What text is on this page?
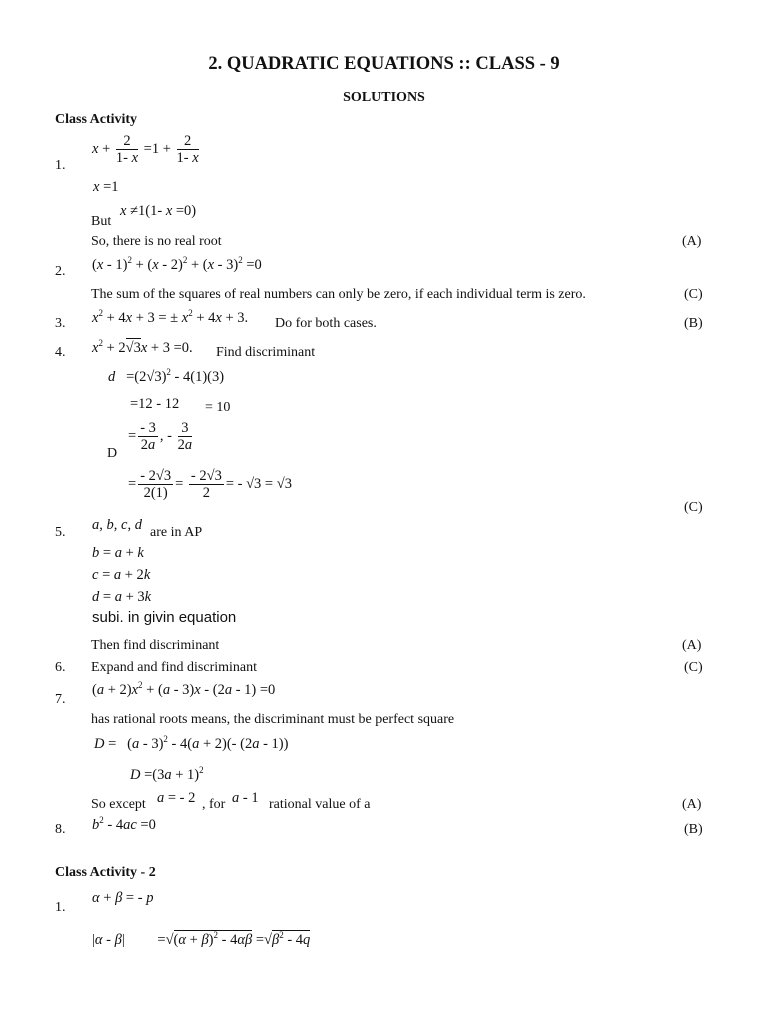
2. QUADRATIC EQUATIONS :: CLASS - 9
SOLUTIONS
Class Activity
1.
$x + \frac{2}{1- x} =1 + \frac{2}{1- x}$
x =1
But
x ≠1(1- x =0)
So, there is no real root	(A)
2. (x - 1)$^2$ + (x - 2)$^2$ + (x - 3)$^2$ =0
The sum of the squares of real numbers can only be zero, if each individual term is zero.	(C)
3. $x^2 + 4x + 3$ = ± $x^2 + 4x + 3$. Do for both cases.	(B)
4. $x^2 + 2√3x + 3 =0$. Find discriminant
$d =(2√3)^2 - 4(1)(3)$
=12 - 12 = 10
= $\frac{- 3}{2a}$ , - $\frac{3}{2a}$
D
= $\frac{- 2√3}{2(1)} = \frac{- 2√3}{2}$ = - √3 = √3
(C)
5. a, b, c, d are in AP
b = a + k
c = a + 2k
d = a + 3k
subi. in givin equation
Then find discriminant	(A)
6. Expand and find discriminant	(C)
7.
$(a + 2)x^2 + (a - 3)x - (2a - 1) =0$
has rational roots means, the discriminant must be perfect square
D =   (a - 3)$^2$ - 4(a + 2)(- (2a - 1))
$D =(3a + 1)^2$
So except a = - 2 , for a - 1 rational value of a	(A)
8. $b^2 - 4ac =0$	(B)
Class Activity - 2
1.
α + β = - p
|α - β|         $=√(\alpha + \beta)^2 - 4\alpha\beta =√\beta^2 - 4q$
